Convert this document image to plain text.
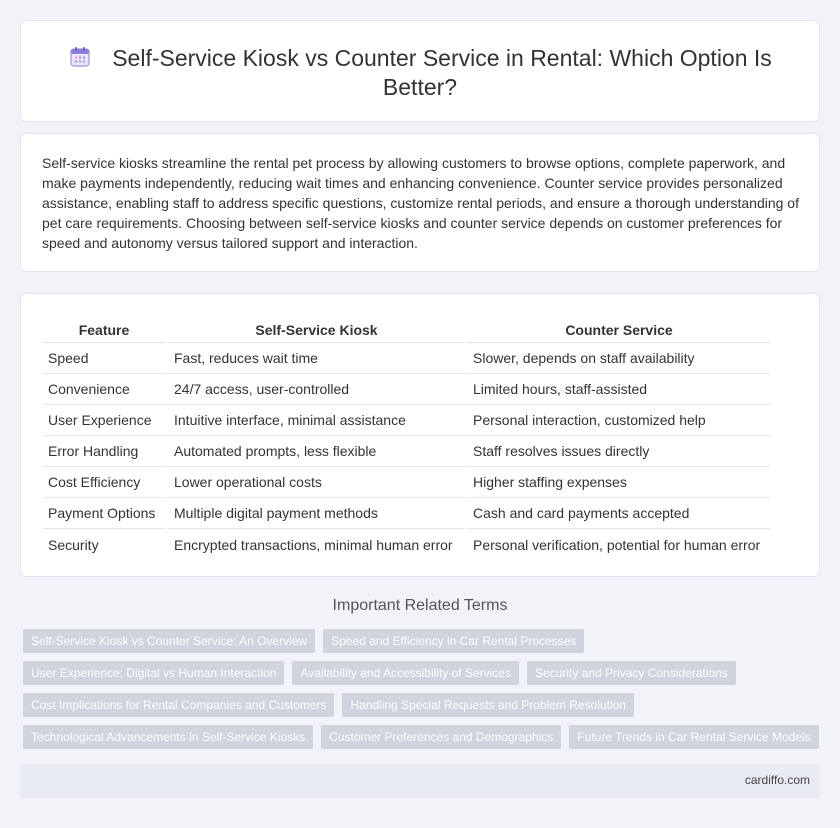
Self-Service Kiosk vs Counter Service in Rental: Which Option Is Better?

Self-service kiosks streamline the rental pet process by allowing customers to browse options, complete paperwork, and make payments independently, reducing wait times and enhancing convenience. Counter service provides personalized assistance, enabling staff to address specific questions, customize rental periods, and ensure a thorough understanding of pet care requirements. Choosing between self-service kiosks and counter service depends on customer preferences for speed and autonomy versus tailored support and interaction.

Feature	Self-Service Kiosk	Counter Service
Speed	Fast, reduces wait time	Slower, depends on staff availability
Convenience	24/7 access, user-controlled	Limited hours, staff-assisted
User Experience	Intuitive interface, minimal assistance	Personal interaction, customized help
Error Handling	Automated prompts, less flexible	Staff resolves issues directly
Cost Efficiency	Lower operational costs	Higher staffing expenses
Payment Options	Multiple digital payment methods	Cash and card payments accepted
Security	Encrypted transactions, minimal human error	Personal verification, potential for human error
Important Related Terms
Self-Service Kiosk vs Counter Service: An Overview	Speed and Efficiency in Car Rental Processes
User Experience: Digital vs Human Interaction	Availability and Accessibility of Services	Security and Privacy Considerations
Cost Implications for Rental Companies and Customers	Handling Special Requests and Problem Resolution
Technological Advancements in Self-Service Kiosks	Customer Preferences and Demographics	Future Trends in Car Rental Service Models
cardiffo.com
